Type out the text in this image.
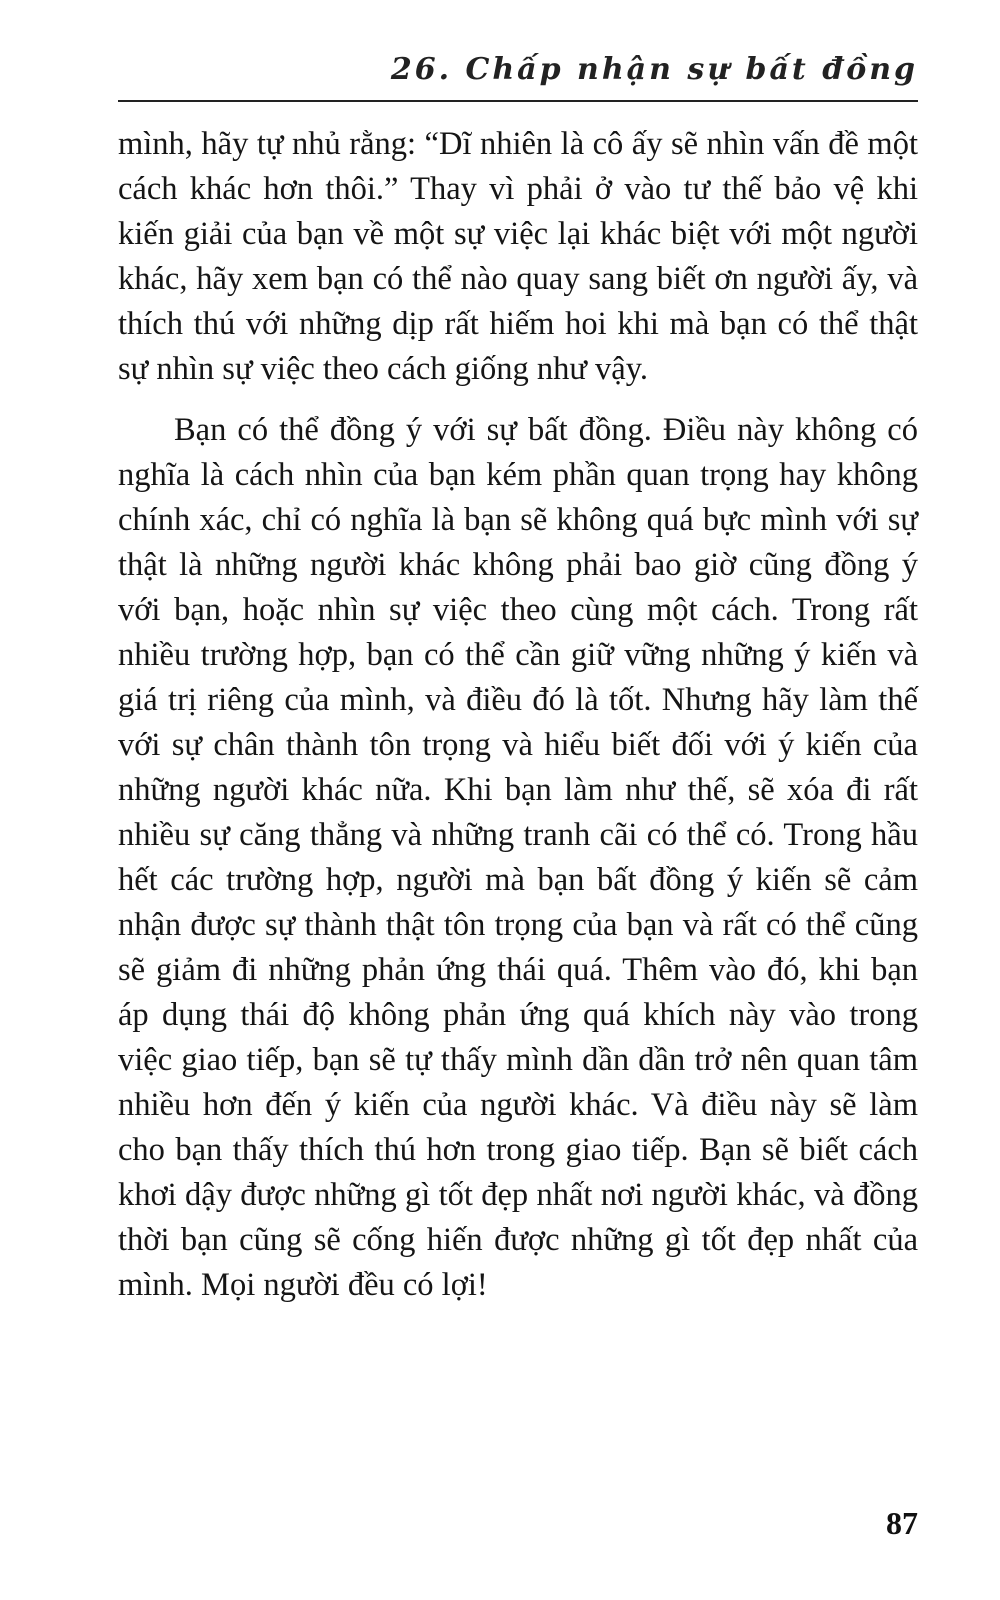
26. Chấp nhận sự bất đồng

mình, hãy tự nhủ rằng: “Dĩ nhiên là cô ấy sẽ nhìn vấn đề một cách khác hơn thôi.” Thay vì phải ở vào tư thế bảo vệ khi kiến giải của bạn về một sự việc lại khác biệt với một người khác, hãy xem bạn có thể nào quay sang biết ơn người ấy, và thích thú với những dịp rất hiếm hoi khi mà bạn có thể thật sự nhìn sự việc theo cách giống như vậy.

Bạn có thể đồng ý với sự bất đồng. Điều này không có nghĩa là cách nhìn của bạn kém phần quan trọng hay không chính xác, chỉ có nghĩa là bạn sẽ không quá bực mình với sự thật là những người khác không phải bao giờ cũng đồng ý với bạn, hoặc nhìn sự việc theo cùng một cách. Trong rất nhiều trường hợp, bạn có thể cần giữ vững những ý kiến và giá trị riêng của mình, và điều đó là tốt. Nhưng hãy làm thế với sự chân thành tôn trọng và hiểu biết đối với ý kiến của những người khác nữa. Khi bạn làm như thế, sẽ xóa đi rất nhiều sự căng thẳng và những tranh cãi có thể có. Trong hầu hết các trường hợp, người mà bạn bất đồng ý kiến sẽ cảm nhận được sự thành thật tôn trọng của bạn và rất có thể cũng sẽ giảm đi những phản ứng thái quá. Thêm vào đó, khi bạn áp dụng thái độ không phản ứng quá khích này vào trong việc giao tiếp, bạn sẽ tự thấy mình dần dần trở nên quan tâm nhiều hơn đến ý kiến của người khác. Và điều này sẽ làm cho bạn thấy thích thú hơn trong giao tiếp. Bạn sẽ biết cách khơi dậy được những gì tốt đẹp nhất nơi người khác, và đồng thời bạn cũng sẽ cống hiến được những gì tốt đẹp nhất của mình. Mọi người đều có lợi!

87
